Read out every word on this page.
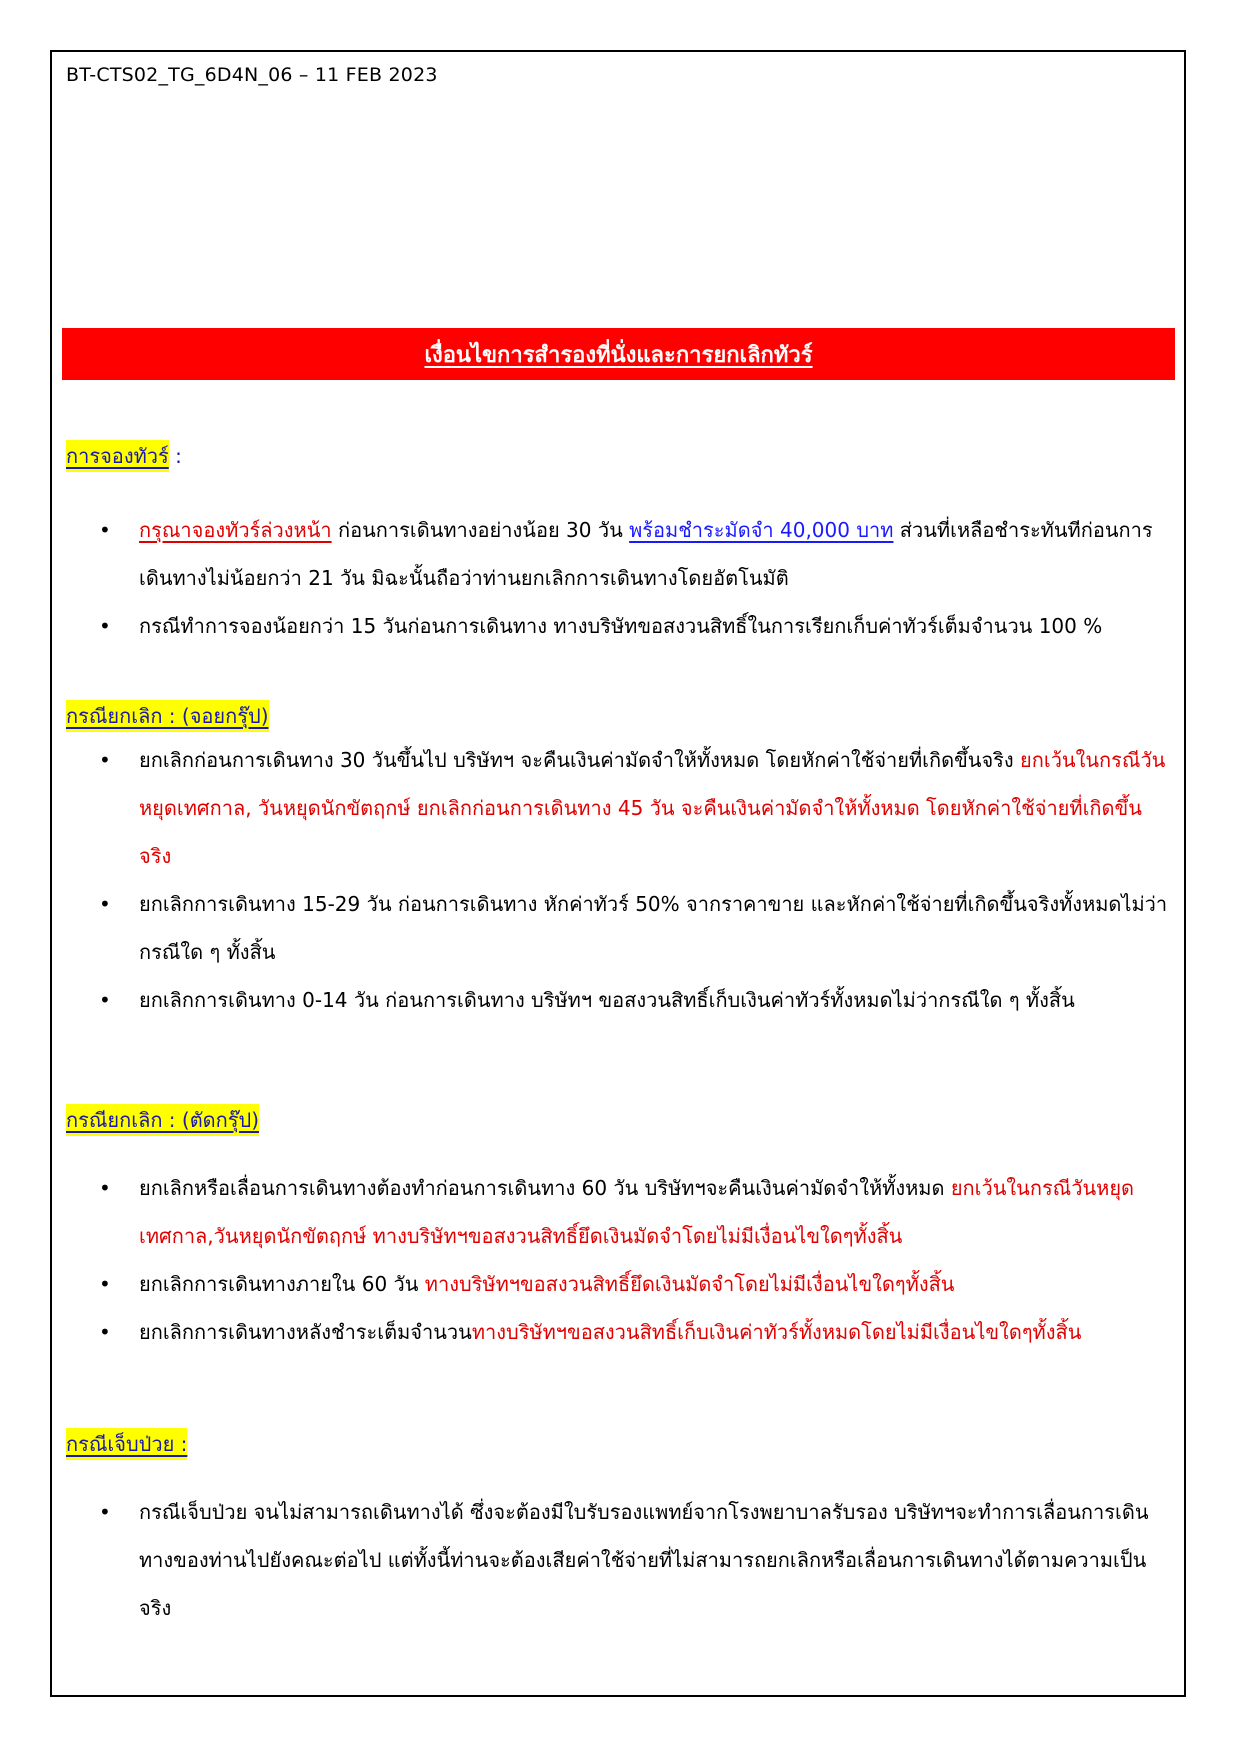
BT-CTS02_TG_6D4N_06 – 11 FEB 2023
เงื่อนไขการสำรองที่นั่งและการยกเลิกทัวร์
การจองทัวร์ :
• กรุณาจองทัวร์ล่วงหน้า ก่อนการเดินทางอย่างน้อย 30 วัน พร้อมชำระมัดจำ 40,000 บาท ส่วนที่เหลือชำระทันทีก่อนการเดินทางไม่น้อยกว่า 21 วัน มิฉะนั้นถือว่าท่านยกเลิกการเดินทางโดยอัตโนมัติ
• กรณีทำการจองน้อยกว่า 15 วันก่อนการเดินทาง ทางบริษัทขอสงวนสิทธิ์ในการเรียกเก็บค่าทัวร์เต็มจำนวน 100 %
กรณียกเลิก : (จอยกรุ๊ป)
• ยกเลิกก่อนการเดินทาง 30 วันขึ้นไป บริษัทฯ จะคืนเงินค่ามัดจำให้ทั้งหมด โดยหักค่าใช้จ่ายที่เกิดขึ้นจริง ยกเว้นในกรณีวันหยุดเทศกาล, วันหยุดนักขัตฤกษ์ ยกเลิกก่อนการเดินทาง 45 วัน จะคืนเงินค่ามัดจำให้ทั้งหมด โดยหักค่าใช้จ่ายที่เกิดขึ้นจริง
• ยกเลิกการเดินทาง 15-29 วัน ก่อนการเดินทาง หักค่าทัวร์ 50% จากราคาขาย และหักค่าใช้จ่ายที่เกิดขึ้นจริงทั้งหมดไม่ว่ากรณีใด ๆ ทั้งสิ้น
• ยกเลิกการเดินทาง 0-14 วัน ก่อนการเดินทาง บริษัทฯ ขอสงวนสิทธิ์เก็บเงินค่าทัวร์ทั้งหมดไม่ว่ากรณีใด ๆ ทั้งสิ้น
กรณียกเลิก : (ตัดกรุ๊ป)
• ยกเลิกหรือเลื่อนการเดินทางต้องทำก่อนการเดินทาง 60 วัน บริษัทฯจะคืนเงินค่ามัดจำให้ทั้งหมด ยกเว้นในกรณีวันหยุดเทศกาล,วันหยุดนักขัตฤกษ์ ทางบริษัทฯขอสงวนสิทธิ์ยึดเงินมัดจำโดยไม่มีเงื่อนไขใดๆทั้งสิ้น
• ยกเลิกการเดินทางภายใน 60 วัน ทางบริษัทฯขอสงวนสิทธิ์ยึดเงินมัดจำโดยไม่มีเงื่อนไขใดๆทั้งสิ้น
• ยกเลิกการเดินทางหลังชำระเต็มจำนวนทางบริษัทฯขอสงวนสิทธิ์เก็บเงินค่าทัวร์ทั้งหมดโดยไม่มีเงื่อนไขใดๆทั้งสิ้น
กรณีเจ็บป่วย :
• กรณีเจ็บป่วย จนไม่สามารถเดินทางได้ ซึ่งจะต้องมีใบรับรองแพทย์จากโรงพยาบาลรับรอง บริษัทฯจะทำการเลื่อนการเดินทางของท่านไปยังคณะต่อไป แต่ทั้งนี้ท่านจะต้องเสียค่าใช้จ่ายที่ไม่สามารถยกเลิกหรือเลื่อนการเดินทางได้ตามความเป็นจริง
